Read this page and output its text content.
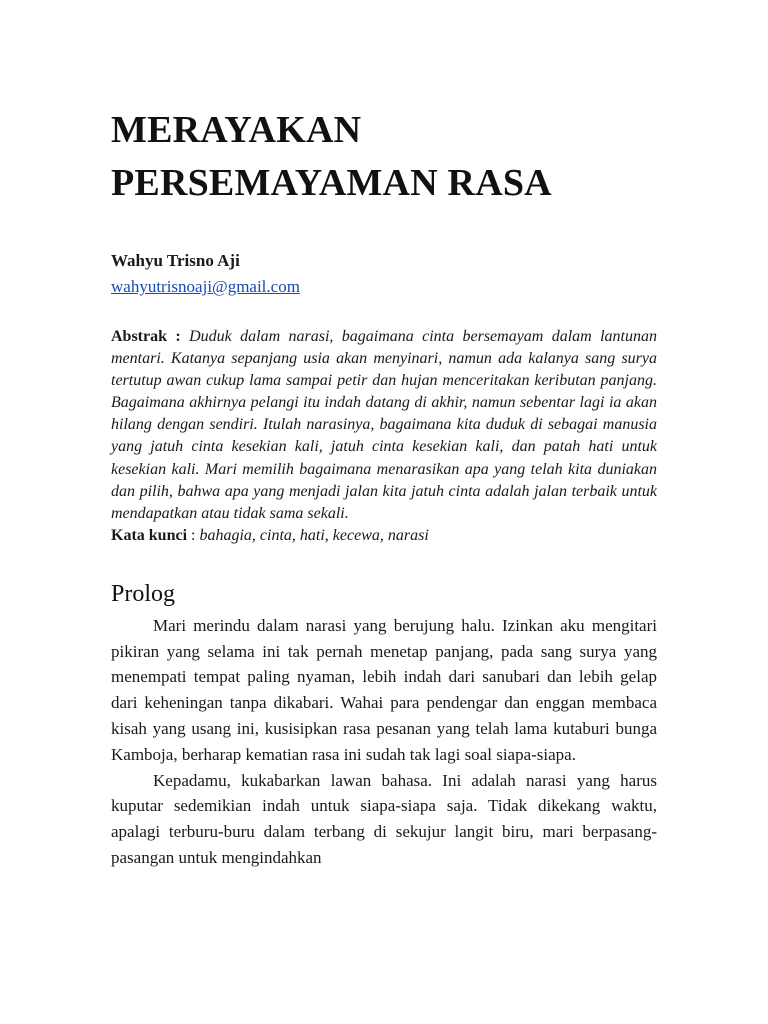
MERAYAKAN
PERSEMAYAMAN RASA
Wahyu Trisno Aji
wahyutrisnoaji@gmail.com

Abstrak : Duduk dalam narasi, bagaimana cinta bersemayam dalam lantunan mentari. Katanya sepanjang usia akan menyinari, namun ada kalanya sang surya tertutup awan cukup lama sampai petir dan hujan menceritakan keributan panjang. Bagaimana akhirnya pelangi itu indah datang di akhir, namun sebentar lagi ia akan hilang dengan sendiri. Itulah narasinya, bagaimana kita duduk di sebagai manusia yang jatuh cinta kesekian kali, jatuh cinta kesekian kali, dan patah hati untuk kesekian kali. Mari memilih bagaimana menarasikan apa yang telah kita duniakan dan pilih, bahwa apa yang menjadi jalan kita jatuh cinta adalah jalan terbaik untuk mendapatkan atau tidak sama sekali.

Kata kunci : bahagia, cinta, hati, kecewa, narasi

Prolog

Mari merindu dalam narasi yang berujung halu. Izinkan aku mengitari pikiran yang selama ini tak pernah menetap panjang, pada sang surya yang menempati tempat paling nyaman, lebih indah dari sanubari dan lebih gelap dari keheningan tanpa dikabari. Wahai para pendengar dan enggan membaca kisah yang usang ini, kusisipkan rasa pesanan yang telah lama kutaburi bunga Kamboja, berharap kematian rasa ini sudah tak lagi soal siapa-siapa.

Kepadamu, kukabarkan lawan bahasa. Ini adalah narasi yang harus kuputar sedemikian indah untuk siapa-siapa saja. Tidak dikekang waktu, apalagi terburu-buru dalam terbang di sekujur langit biru, mari berpasang-pasangan untuk mengindahkan
